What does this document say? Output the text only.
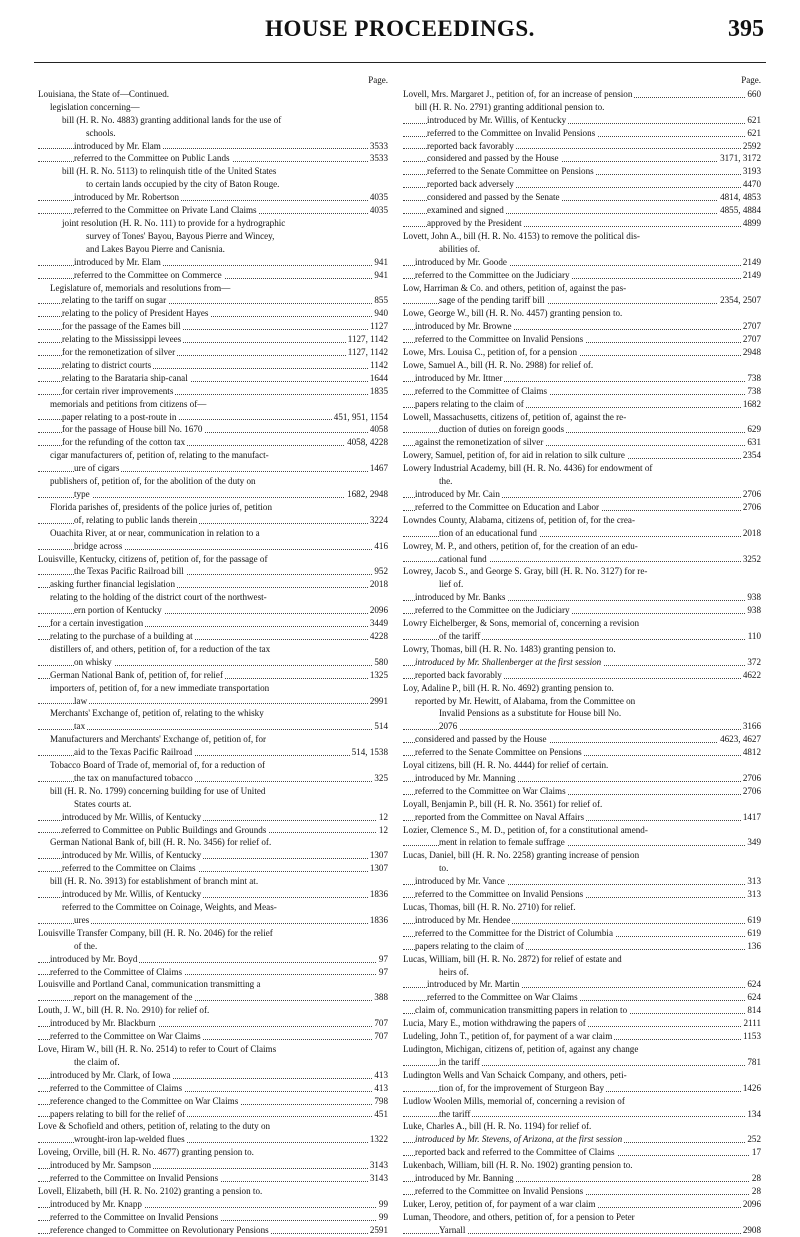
HOUSE PROCEEDINGS.	395
Page.
Louisiana, the State of—Continued.
legislation concerning—
bill (H. R. No. 4883) granting additional lands for the use of
schools.
introduced by Mr. Elam	3533
referred to the Committee on Public Lands	3533
bill (H. R. No. 5113) to relinquish title of the United States
to certain lands occupied by the city of Baton Rouge.
introduced by Mr. Robertson	4035
referred to the Committee on Private Land Claims	4035
joint resolution (H. R. No. 111) to provide for a hydrographic
survey of Tones' Bayou, Bayous Pierre and Wincey,
and Lakes Bayou Pierre and Canisnia.
introduced by Mr. Elam	941
referred to the Committee on Commerce	941
Legislature of, memorials and resolutions from—
relating to the tariff on sugar	855
relating to the policy of President Hayes	940
for the passage of the Eames bill	1127
relating to the Mississippi levees	1127, 1142
for the remonetization of silver	1127, 1142
relating to district courts	1142
relating to the Barataria ship-canal	1644
for certain river improvements	1835
memorials and petitions from citizens of—
paper relating to a post-route in	451, 951, 1154
for the passage of House bill No. 1670	4058
for the refunding of the cotton tax	4058, 4228
cigar manufacturers of, petition of, relating to the manufact-
ure of cigars	1467
publishers of, petition of, for the abolition of the duty on
type	1682, 2948
Florida parishes of, presidents of the police juries of, petition
of, relating to public lands therein	3224
Ouachita River, at or near, communication in relation to a
bridge across	416
Louisville, Kentucky, citizens of, petition of, for the passage of
the Texas Pacific Railroad bill	952
asking further financial legislation	2018
relating to the holding of the district court of the northwest-
ern portion of Kentucky	2096
for a certain investigation	3449
relating to the purchase of a building at	4228
distillers of, and others, petition of, for a reduction of the tax
on whisky	580
German National Bank of, petition of, for relief	1325
importers of, petition of, for a new immediate transportation
law	2991
Merchants' Exchange of, petition of, relating to the whisky
tax	514
Manufacturers and Merchants' Exchange of, petition of, for
aid to the Texas Pacific Railroad	514, 1538
Tobacco Board of Trade of, memorial of, for a reduction of
the tax on manufactured tobacco	325
bill (H. R. No. 1799) concerning building for use of United
States courts at.
introduced by Mr. Willis, of Kentucky	12
referred to Committee on Public Buildings and Grounds	12
German National Bank of, bill (H. R. No. 3456) for relief of.
introduced by Mr. Willis, of Kentucky	1307
referred to the Committee on Claims	1307
bill (H. R. No. 3913) for establishment of branch mint at.
introduced by Mr. Willis, of Kentucky	1836
referred to the Committee on Coinage, Weights, and Meas-
ures	1836
Louisville Transfer Company, bill (H. R. No. 2046) for the relief
of the.
introduced by Mr. Boyd	97
referred to the Committee of Claims	97
Louisville and Portland Canal, communication transmitting a
report on the management of the	388
Louth, J. W., bill (H. R. No. 2910) for relief of.
introduced by Mr. Blackburn	707
referred to the Committee on War Claims	707
Love, Hiram W., bill (H. R. No. 2514) to refer to Court of Claims
the claim of.
introduced by Mr. Clark, of Iowa	413
referred to the Committee of Claims	413
reference changed to the Committee on War Claims	798
papers relating to bill for the relief of	451
Love & Schofield and others, petition of, relating to the duty on
wrought-iron lap-welded flues	1322
Loveing, Orville, bill (H. R. No. 4677) granting pension to.
introduced by Mr. Sampson	3143
referred to the Committee on Invalid Pensions	3143
Lovell, Elizabeth, bill (H. R. No. 2102) granting a pension to.
introduced by Mr. Knapp	99
referred to the Committee on Invalid Pensions	99
reference changed to Committee on Revolutionary Pensions	2591
Page.
Lovell, Mrs. Margaret J., petition of, for an increase of pension	660
bill (H. R. No. 2791) granting additional pension to.
introduced by Mr. Willis, of Kentucky	621
referred to the Committee on Invalid Pensions	621
reported back favorably	2592
considered and passed by the House	3171, 3172
referred to the Senate Committee on Pensions	3193
reported back adversely	4470
considered and passed by the Senate	4814, 4853
examined and signed	4855, 4884
approved by the President	4899
Lovett, John A., bill (H. R. No. 4153) to remove the political dis-
abilities of.
introduced by Mr. Goode	2149
referred to the Committee on the Judiciary	2149
Low, Harriman & Co. and others, petition of, against the pas-
sage of the pending tariff bill	2354, 2507
Lowe, George W., bill (H. R. No. 4457) granting pension to.
introduced by Mr. Browne	2707
referred to the Committee on Invalid Pensions	2707
Lowe, Mrs. Louisa C., petition of, for a pension	2948
Lowe, Samuel A., bill (H. R. No. 2988) for relief of.
introduced by Mr. Ittner	738
referred to the Committee of Claims	738
papers relating to the claim of	1682
Lowell, Massachusetts, citizens of, petition of, against the re-
duction of duties on foreign goods	629
against the remonetization of silver	631
Lowery, Samuel, petition of, for aid in relation to silk culture	2354
Lowery Industrial Academy, bill (H. R. No. 4436) for endowment of
the.
introduced by Mr. Cain	2706
referred to the Committee on Education and Labor	2706
Lowndes County, Alabama, citizens of, petition of, for the crea-
tion of an educational fund	2018
Lowrey, M. P., and others, petition of, for the creation of an edu-
cational fund	3252
Lowrey, Jacob S., and George S. Gray, bill (H. R. No. 3127) for re-
lief of.
introduced by Mr. Banks	938
referred to the Committee on the Judiciary	938
Lowry Eichelberger, & Sons, memorial of, concerning a revision
of the tariff	110
Lowry, Thomas, bill (H. R. No. 1483) granting pension to.
introduced by Mr. Shallenberger at the first session	372
reported back favorably	4622
Loy, Adaline P., bill (H. R. No. 4692) granting pension to.
reported by Mr. Hewitt, of Alabama, from the Committee on
Invalid Pensions as a substitute for House bill No.
2076	3166
considered and passed by the House	4623, 4627
referred to the Senate Committee on Pensions	4812
Loyal citizens, bill (H. R. No. 4444) for relief of certain.
introduced by Mr. Manning	2706
referred to the Committee on War Claims	2706
Loyall, Benjamin P., bill (H. R. No. 3561) for relief of.
reported from the Committee on Naval Affairs	1417
Lozier, Clemence S., M. D., petition of, for a constitutional amend-
ment in relation to female suffrage	349
Lucas, Daniel, bill (H. R. No. 2258) granting increase of pension
to.
introduced by Mr. Vance	313
referred to the Committee on Invalid Pensions	313
Lucas, Thomas, bill (H. R. No. 2710) for relief.
introduced by Mr. Hendee	619
referred to the Committee for the District of Columbia	619
papers relating to the claim of	136
Lucas, William, bill (H. R. No. 2872) for relief of estate and
heirs of.
introduced by Mr. Martin	624
referred to the Committee on War Claims	624
claim of, communication transmitting papers in relation to	814
Lucia, Mary E., motion withdrawing the papers of	2111
Ludeling, John T., petition of, for payment of a war claim	1153
Ludington, Michigan, citizens of, petition of, against any change
in the tariff	781
Ludington Wells and Van Schaick Company, and others, peti-
tion of, for the improvement of Sturgeon Bay	1426
Ludlow Woolen Mills, memorial of, concerning a revision of
the tariff	134
Luke, Charles A., bill (H. R. No. 1194) for relief of.
introduced by Mr. Stevens, of Arizona, at the first session	252
reported back and referred to the Committee of Claims	17
Lukenbach, William, bill (H. R. No. 1902) granting pension to.
introduced by Mr. Banning	28
referred to the Committee on Invalid Pensions	28
Luker, Leroy, petition of, for payment of a war claim	2096
Luman, Theodore, and others, petition of, for a pension to Peter
Yarnall	2908
